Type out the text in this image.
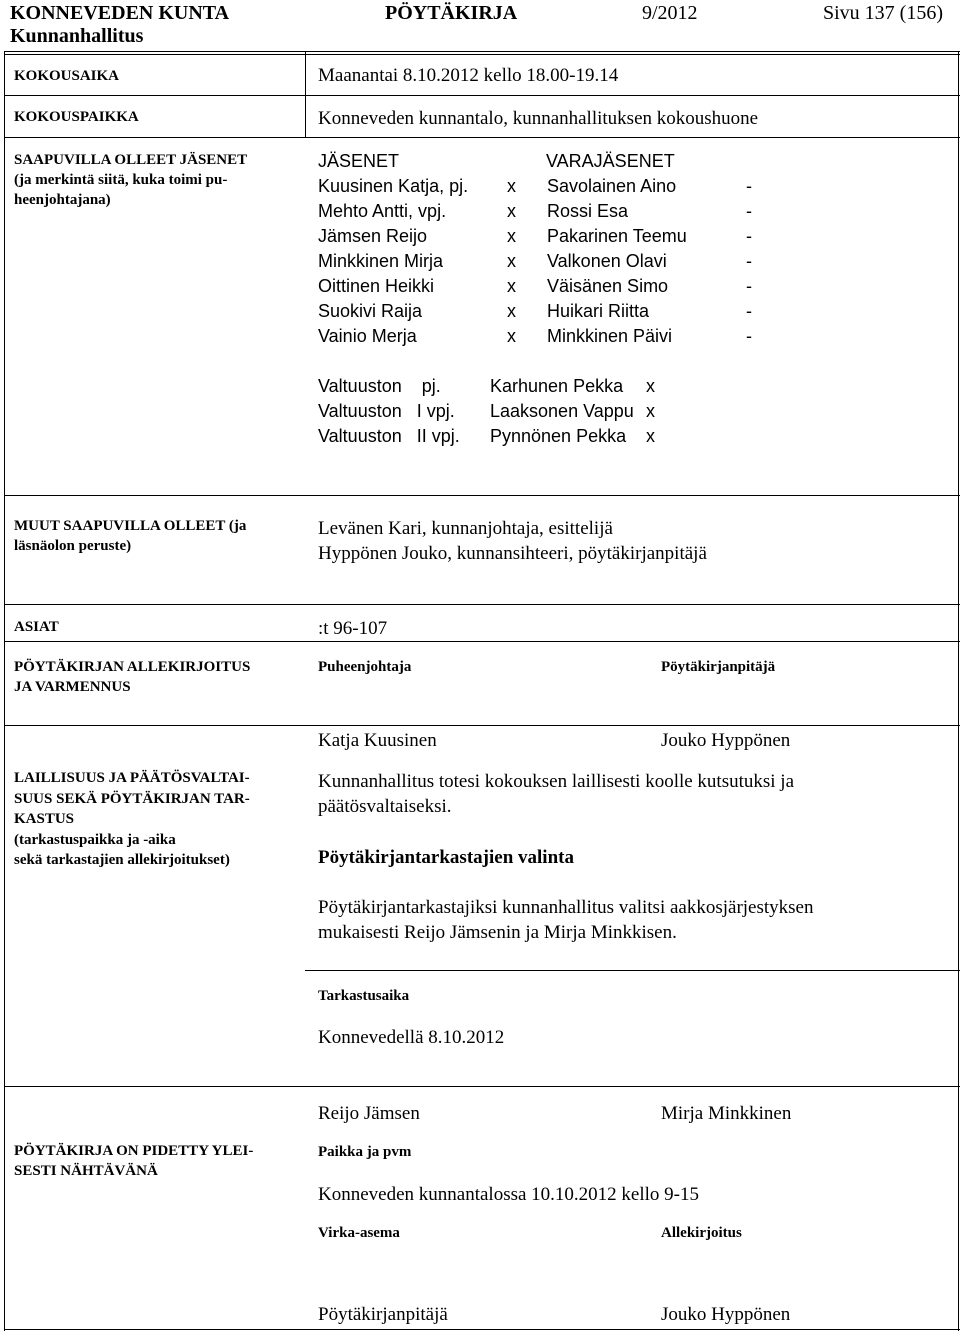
KONNEVEDEN KUNTA
Kunnanhallitus
PÖYTÄKIRJA	9/2012	Sivu 137 (156)
KOKOUSAIKA	Maanantai 8.10.2012 kello 18.00-19.14
KOKOUSPAIKKA	Konneveden kunnantalo, kunnanhallituksen kokoushuone
SAAPUVILLA OLLEET JÄSENET
(ja merkintä siitä, kuka toimi pu-
heenjohtajana)
JÄSENET	VARAJÄSENET
Kuusinen Katja, pj. x Savolainen Aino	-
Mehto Antti, vpj.	x Rossi Esa	-
Jämsen Reijo	x Pakarinen Teemu	-
Minkkinen Mirja	x Valkonen Olavi	-
Oittinen Heikki	x Väisänen Simo	-
Suokivi Raija	x Huikari Riitta	-
Vainio Merja	x Minkkinen Päivi	-
Valtuuston    pj.	Karhunen Pekka x
Valtuuston   I vpj. Laaksonen Vappu x
Valtuuston   II vpj. Pynnönen Pekka x
MUUT SAAPUVILLA OLLEET (ja
läsnäolon peruste)
Levänen Kari, kunnanjohtaja, esittelijä
Hyppönen Jouko, kunnansihteeri, pöytäkirjanpitäjä
ASIAT	:t 96-107
PÖYTÄKIRJAN ALLEKIRJOITUS
JA VARMENNUS
Puheenjohtaja	Pöytäkirjanpitäjä
Katja Kuusinen	Jouko Hyppönen
LAILLISUUS JA PÄÄTÖSVALTAI-
SUUS SEKÄ PÖYTÄKIRJAN TAR-
KASTUS
(tarkastuspaikka ja -aika
sekä tarkastajien allekirjoitukset)
Kunnanhallitus totesi kokouksen laillisesti koolle kutsutuksi ja
päätösvaltaiseksi.
Pöytäkirjantarkastajien valinta
Pöytäkirjantarkastajiksi kunnanhallitus valitsi aakkosjärjestyksen
mukaisesti Reijo Jämsenin ja Mirja Minkkisen.
Tarkastusaika
Konnevedellä 8.10.2012
Reijo Jämsen	Mirja Minkkinen
PÖYTÄKIRJA ON PIDETTY YLEI-
SESTI NÄHTÄVÄNÄ
Paikka ja pvm
Konneveden kunnantalossa 10.10.2012 kello 9-15
Virka-asema	Allekirjoitus
Pöytäkirjanpitäjä	Jouko Hyppönen
